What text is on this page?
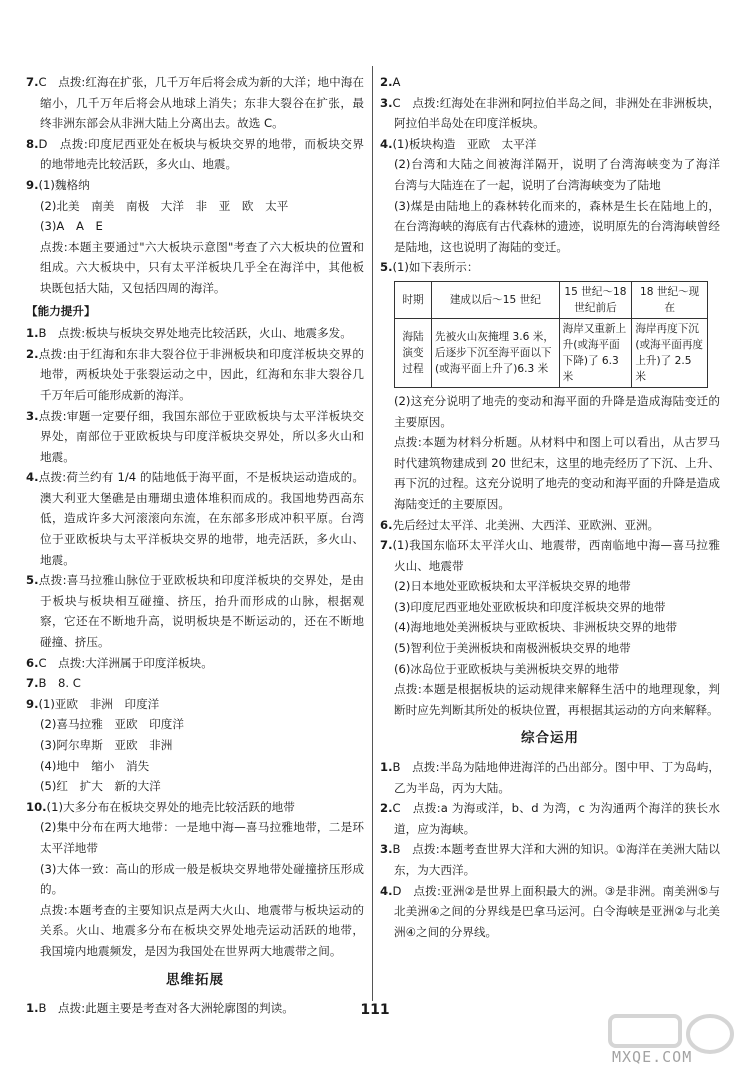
7.C　点拨:红海在扩张，几千万年后将会成为新的大洋；地中海在缩小，几千万年后将会从地球上消失；东非大裂谷在扩张，最终非洲东部会从非洲大陆上分离出去。故选 C。

8.D　点拨:印度尼西亚处在板块与板块交界的地带，而板块交界的地带地壳比较活跃，多火山、地震。

9.(1)魏格纳

(2)北美　南美　南极　大洋　非　亚　欧　太平

(3)A　A　E

点拨:本题主要通过"六大板块示意图"考查了六大板块的位置和组成。六大板块中，只有太平洋板块几乎全在海洋中，其他板块既包括大陆，又包括四周的海洋。

【能力提升】

1.B　点拨:板块与板块交界处地壳比较活跃，火山、地震多发。

2.点拨:由于红海和东非大裂谷位于非洲板块和印度洋板块交界的地带，两板块处于张裂运动之中，因此，红海和东非大裂谷几千万年后可能形成新的海洋。

3.点拨:审题一定要仔细，我国东部位于亚欧板块与太平洋板块交界处，南部位于亚欧板块与印度洋板块交界处，所以多火山和地震。

4.点拨:荷兰约有 1/4 的陆地低于海平面，不是板块运动造成的。澳大利亚大堡礁是由珊瑚虫遗体堆积而成的。我国地势西高东低，造成许多大河滚滚向东流，在东部多形成冲积平原。台湾位于亚欧板块与太平洋板块交界的地带，地壳活跃，多火山、地震。

5.点拨:喜马拉雅山脉位于亚欧板块和印度洋板块的交界处，是由于板块与板块相互碰撞、挤压，抬升而形成的山脉，根据观察，它还在不断地升高，说明板块是不断运动的，还在不断地碰撞、挤压。

6.C　点拨:大洋洲属于印度洋板块。

7.B　8. C

9.(1)亚欧　非洲　印度洋

(2)喜马拉雅　亚欧　印度洋

(3)阿尔卑斯　亚欧　非洲

(4)地中　缩小　消失

(5)红　扩大　新的大洋

10.(1)大多分布在板块交界处的地壳比较活跃的地带

(2)集中分布在两大地带：一是地中海—喜马拉雅地带，二是环太平洋地带

(3)大体一致：高山的形成一般是板块交界地带处碰撞挤压形成的。

点拨:本题考查的主要知识点是两大火山、地震带与板块运动的关系。火山、地震多分布在板块交界处地壳运动活跃的地带，我国境内地震频发，是因为我国处在世界两大地震带之间。

思维拓展

1.B　点拨:此题主要是考查对各大洲轮廓图的判读。

2.A

3.C　点拨:红海处在非洲和阿拉伯半岛之间，非洲处在非洲板块，阿拉伯半岛处在印度洋板块。

4.(1)板块构造　亚欧　太平洋

(2)台湾和大陆之间被海洋隔开，说明了台湾海峡变为了海洋　台湾与大陆连在了一起，说明了台湾海峡变为了陆地

(3)煤是由陆地上的森林转化而来的，森林是生长在陆地上的，在台湾海峡的海底有古代森林的遗迹，说明原先的台湾海峡曾经是陆地，这也说明了海陆的变迁。

5.(1)如下表所示：

时期	建成以后～15 世纪	15 世纪～18 世纪前后	18 世纪～现在
海陆演变过程	先被火山灰掩埋 3.6 米，后逐步下沉至海平面以下(或海平面上升了)6.3 米	海岸又重新上升(或海平面下降)了 6.3 米	海岸再度下沉(或海平面再度上升)了 2.5 米

(2)这充分说明了地壳的变动和海平面的升降是造成海陆变迁的主要原因。

点拨:本题为材料分析题。从材料中和图上可以看出，从古罗马时代建筑物建成到 20 世纪末，这里的地壳经历了下沉、上升、再下沉的过程。这充分说明了地壳的变动和海平面的升降是造成海陆变迁的主要原因。

6.先后经过太平洋、北美洲、大西洋、亚欧洲、亚洲。

7.(1)我国东临环太平洋火山、地震带，西南临地中海—喜马拉雅火山、地震带

(2)日本地处亚欧板块和太平洋板块交界的地带

(3)印度尼西亚地处亚欧板块和印度洋板块交界的地带

(4)海地地处美洲板块与亚欧板块、非洲板块交界的地带

(5)智利位于美洲板块和南极洲板块交界的地带

(6)冰岛位于亚欧板块与美洲板块交界的地带

点拨:本题是根据板块的运动规律来解释生活中的地理现象，判断时应先判断其所处的板块位置，再根据其运动的方向来解释。

综合运用

1.B　点拨:半岛为陆地伸进海洋的凸出部分。图中甲、丁为岛屿，乙为半岛，丙为大陆。

2.C　点拨:a 为海或洋，b、d 为湾，c 为沟通两个海洋的狭长水道，应为海峡。

3.B　点拨:本题考查世界大洋和大洲的知识。①海洋在美洲大陆以东，为大西洋。

4.D　点拨:亚洲②是世界上面积最大的洲。③是非洲。南美洲⑤与北美洲④之间的分界线是巴拿马运河。白令海峡是亚洲②与北美洲④之间的分界线。

111
MXQE.COM
